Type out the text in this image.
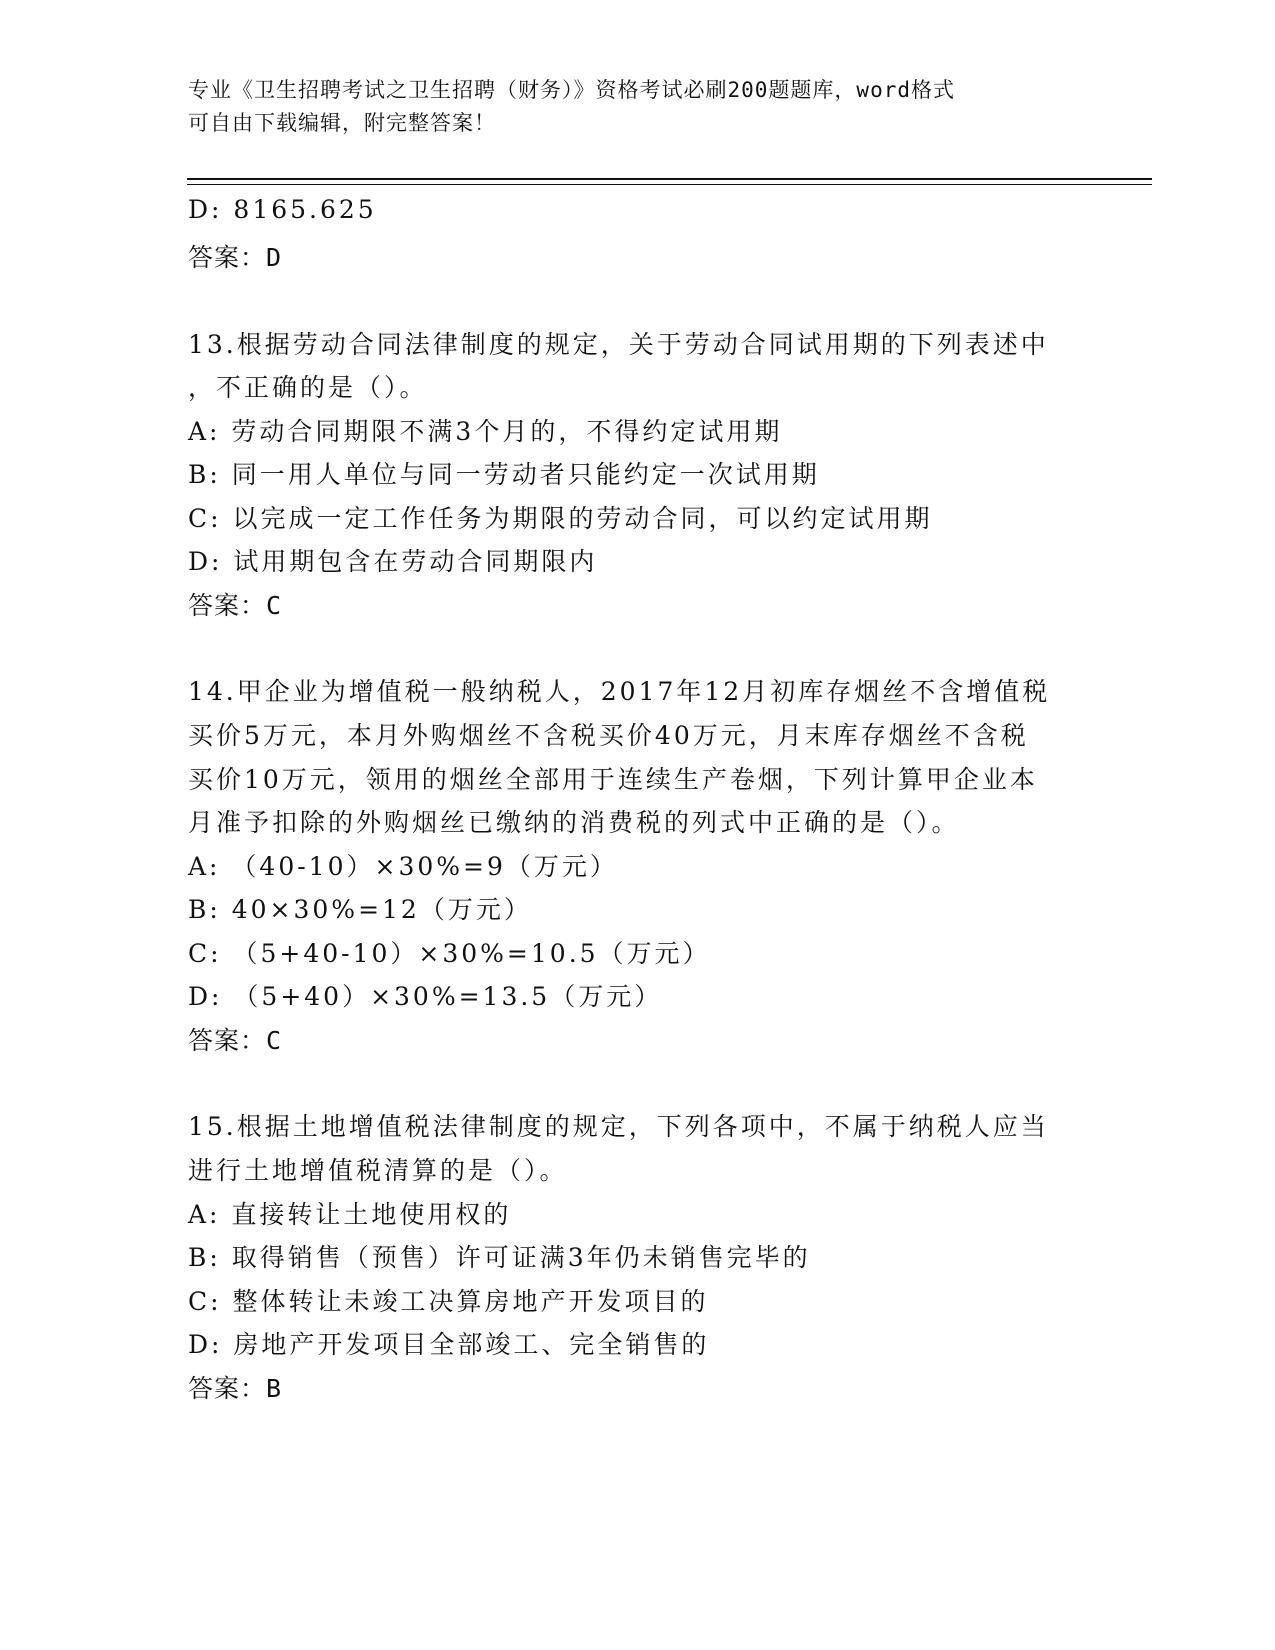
专业《卫生招聘考试之卫生招聘（财务）》资格考试必刷200题题库，word格式
可自由下载编辑，附完整答案！
D: 8165.625
答案：D
13.根据劳动合同法律制度的规定，关于劳动合同试用期的下列表述中
，不正确的是（）。
A: 劳动合同期限不满3个月的，不得约定试用期
B: 同一用人单位与同一劳动者只能约定一次试用期
C: 以完成一定工作任务为期限的劳动合同，可以约定试用期
D: 试用期包含在劳动合同期限内
答案：C
14.甲企业为增值税一般纳税人，2017年12月初库存烟丝不含增值税
买价5万元，本月外购烟丝不含税买价40万元，月末库存烟丝不含税
买价10万元，领用的烟丝全部用于连续生产卷烟，下列计算甲企业本
月准予扣除的外购烟丝已缴纳的消费税的列式中正确的是（）。
A: （40-10）×30%=9（万元）
B: 40×30%=12（万元）
C: （5+40-10）×30%=10.5（万元）
D: （5+40）×30%=13.5（万元）
答案：C
15.根据土地增值税法律制度的规定，下列各项中，不属于纳税人应当
进行土地增值税清算的是（）。
A: 直接转让土地使用权的
B: 取得销售（预售）许可证满3年仍未销售完毕的
C: 整体转让未竣工决算房地产开发项目的
D: 房地产开发项目全部竣工、完全销售的
答案：B
